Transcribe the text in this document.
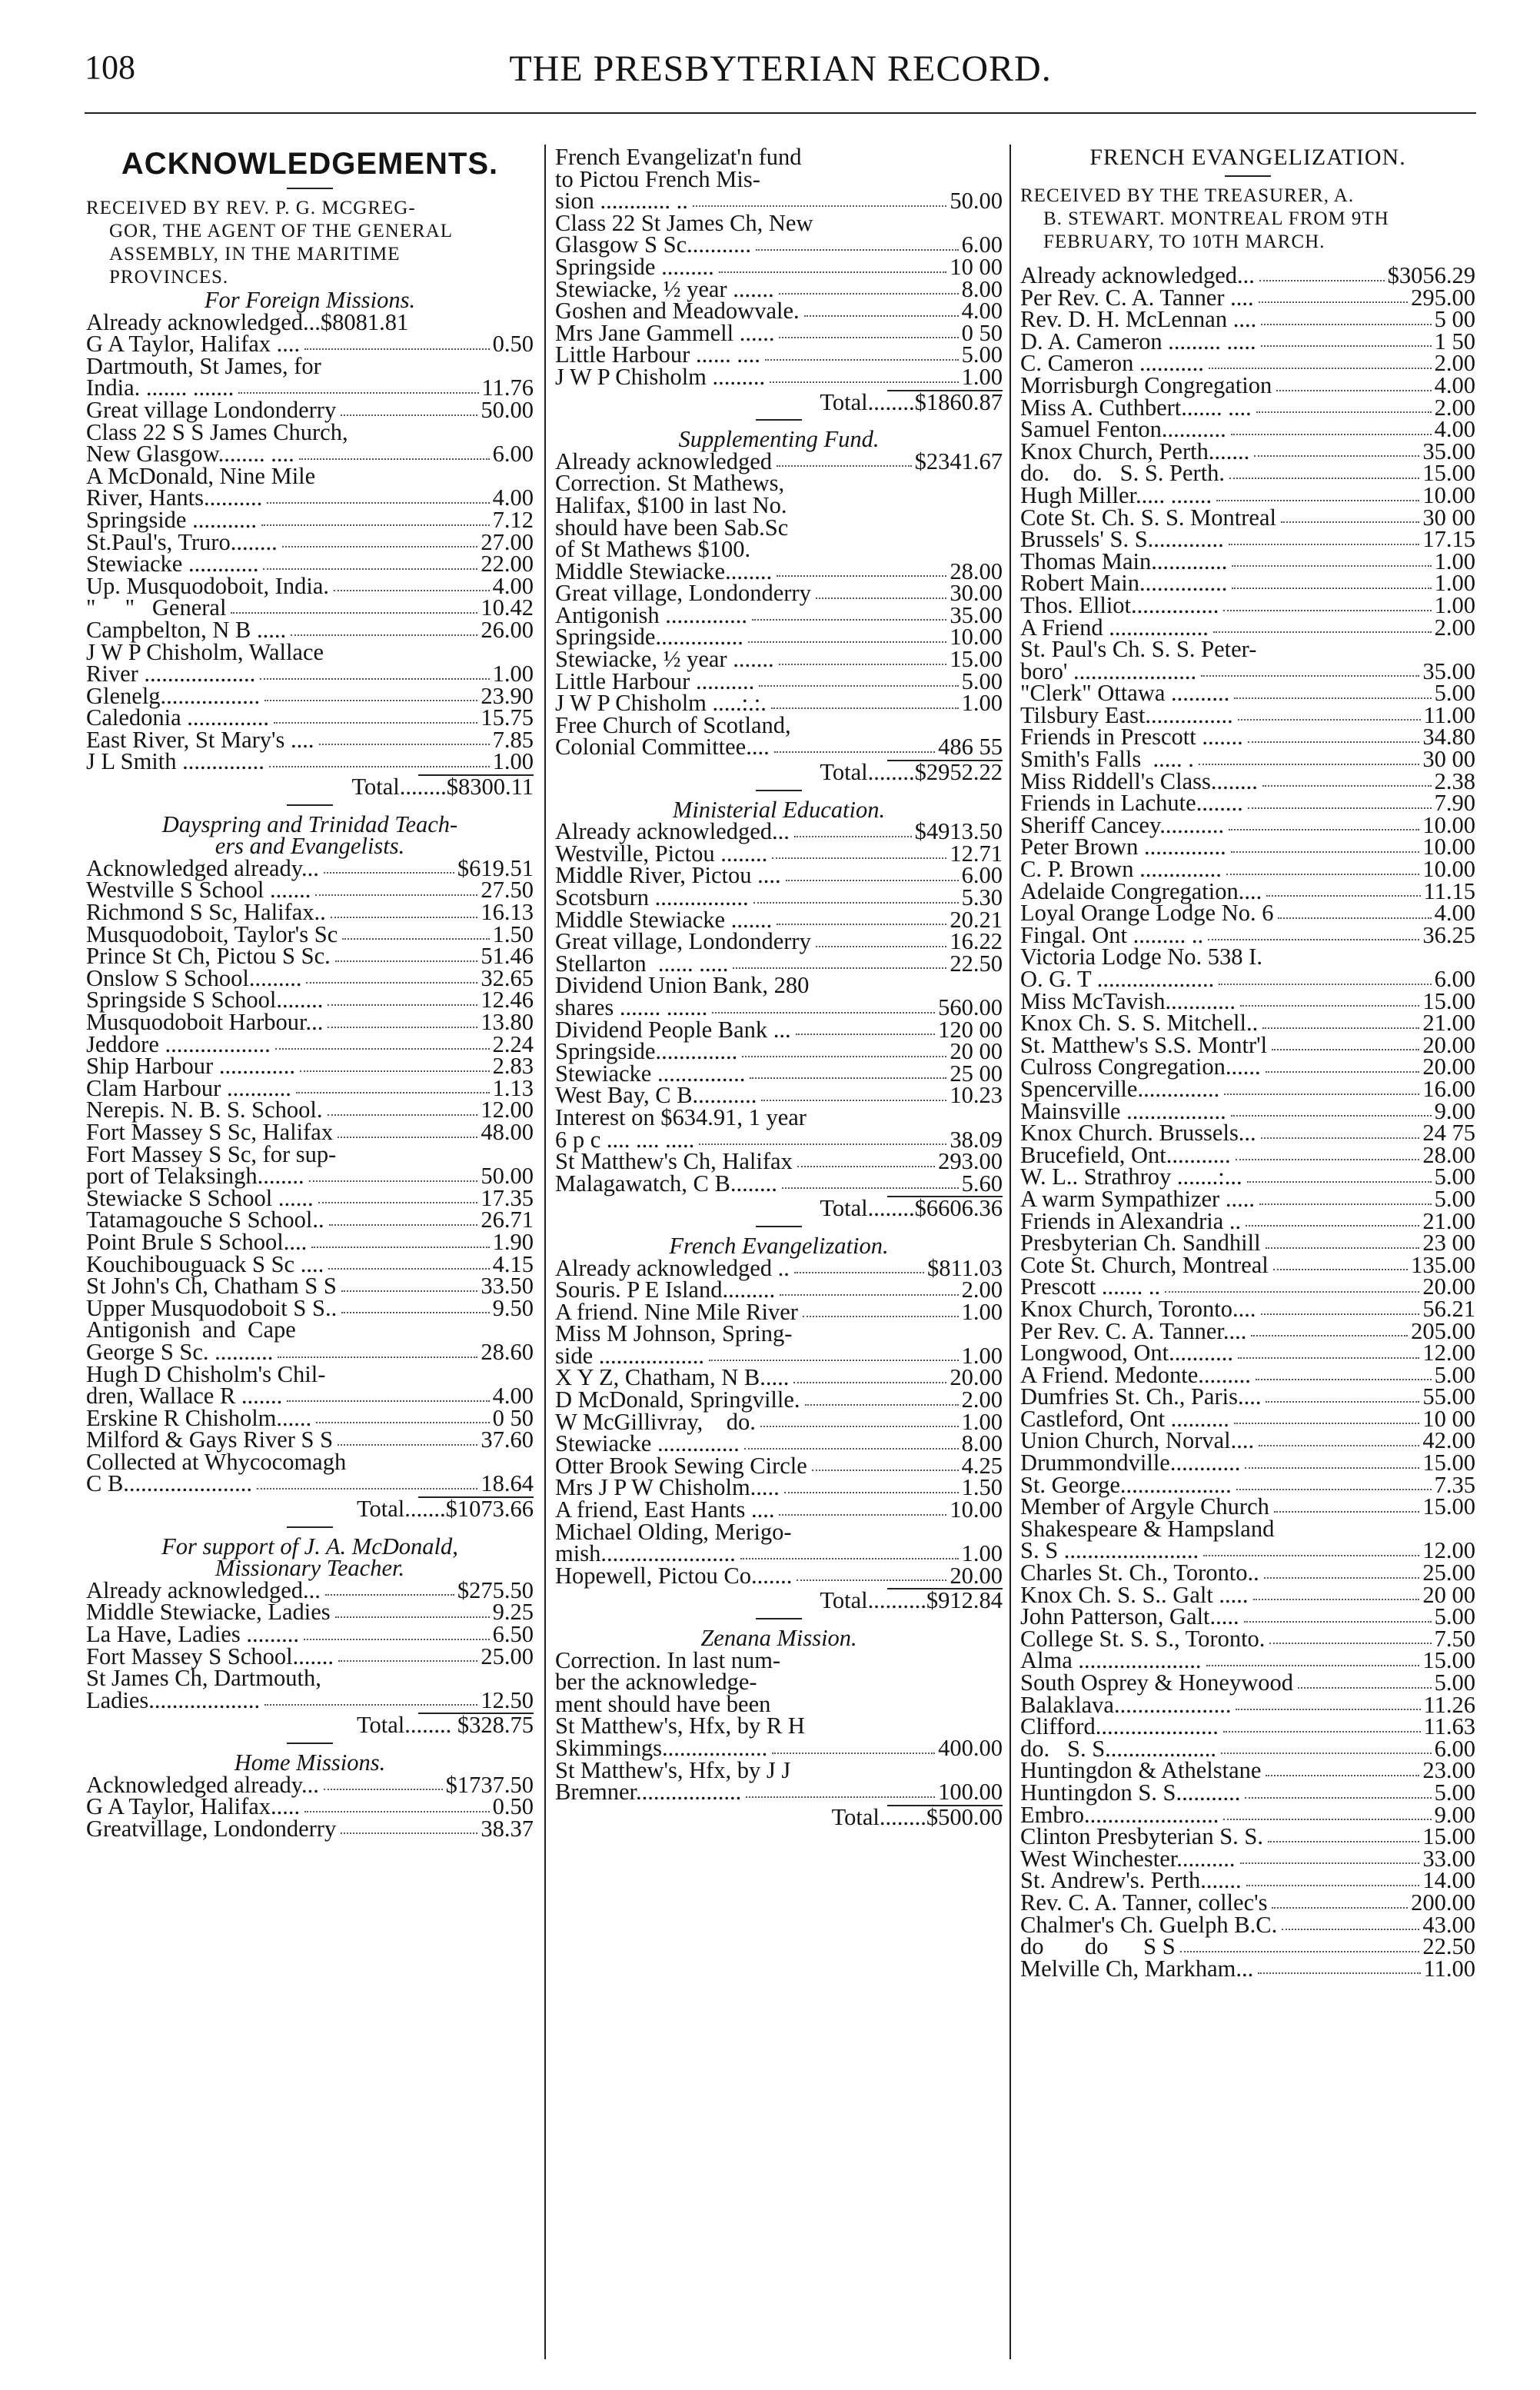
108	THE PRESBYTERIAN RECORD.
ACKNOWLEDGEMENTS.
RECEIVED BY REV. P. G. MCGREG-
GOR, THE AGENT OF THE GENERAL
ASSEMBLY, IN THE MARITIME
PROVINCES.
For Foreign Missions.
Already acknowledged...$8081.81
G A Taylor, Halifax ....	0.50
Dartmouth, St James, for
India. ....... .......	11.76
Great village Londonderry	50.00
Class 22 S S James Church,
New Glasgow........ ....	6.00
A McDonald, Nine Mile
River, Hants..........	4.00
Springside ...........	7.12
St.Paul's, Truro........	27.00
Stewiacke ............	22.00
Up. Musquodoboit, India.	4.00
"     "   General	10.42
Campbelton, N B .....	26.00
J W P Chisholm, Wallace
River ...................	1.00
Glenelg.................	23.90
Caledonia ..............	15.75
East River, St Mary's ....	7.85
J L Smith ..............	1.00
Total........$8300.11
Dayspring and Trinidad Teach-
ers and Evangelists.
Acknowledged already...	$619.51
Westville S School .......	27.50
Richmond S Sc, Halifax..	16.13
Musquodoboit, Taylor's Sc	1.50
Prince St Ch, Pictou S Sc.	51.46
Onslow S School.........	32.65
Springside S School........	12.46
Musquodoboit Harbour...	13.80
Jeddore ..................	2.24
Ship Harbour .............	2.83
Clam Harbour ...........	1.13
Nerepis. N. B. S. School.	12.00
Fort Massey S Sc, Halifax	48.00
Fort Massey S Sc, for sup-
port of Telaksingh........	50.00
Stewiacke S School ......	17.35
Tatamagouche S School..	26.71
Point Brule S School....	1.90
Kouchibouguack S Sc ....	4.15
St John's Ch, Chatham S S	33.50
Upper Musquodoboit S S..	9.50
Antigonish  and  Cape
George S Sc. ..........	28.60
Hugh D Chisholm's Chil-
dren, Wallace R .......	4.00
Erskine R Chisholm......	0 50
Milford & Gays River S S	37.60
Collected at Whycocomagh
C B......................	18.64
Total.......$1073.66
For support of J. A. McDonald,
Missionary Teacher.
Already acknowledged...	$275.50
Middle Stewiacke, Ladies	9.25
La Have, Ladies .........	6.50
Fort Massey S School.......	25.00
St James Ch, Dartmouth,
Ladies...................	12.50
Total........ $328.75
Home Missions.
Acknowledged already...	$1737.50
G A Taylor, Halifax.....	0.50
Greatvillage, Londonderry	38.37
French Evangelizat'n fund
to Pictou French Mis-
sion ............ ..	50.00
Class 22 St James Ch, New
Glasgow S Sc...........	6.00
Springside .........	10 00
Stewiacke, ½ year .......	8.00
Goshen and Meadowvale.	4.00
Mrs Jane Gammell ......	0 50
Little Harbour ...... ....	5.00
J W P Chisholm .........	1.00
Total........$1860.87
Supplementing Fund.
Already acknowledged	$2341.67
Correction. St Mathews,
Halifax, $100 in last No.
should have been Sab.Sc
of St Mathews $100.
Middle Stewiacke........	28.00
Great village, Londonderry	30.00
Antigonish ..............	35.00
Springside...............	10.00
Stewiacke, ½ year .......	15.00
Little Harbour ..........	5.00
J W P Chisholm .....:.:.	1.00
Free Church of Scotland,
Colonial Committee....	486 55
Total........$2952.22
Ministerial Education.
Already acknowledged...	$4913.50
Westville, Pictou ........	12.71
Middle River, Pictou ....	6.00
Scotsburn ................	5.30
Middle Stewiacke .......	20.21
Great village, Londonderry	16.22
Stellarton  ...... .....	22.50
Dividend Union Bank, 280
shares ....... .......	560.00
Dividend People Bank ...	120 00
Springside..............	20 00
Stewiacke ...............	25 00
West Bay, C B...........	10.23
Interest on $634.91, 1 year
6 p c .... .... .....	38.09
St Matthew's Ch, Halifax	293.00
Malagawatch, C B........	5.60
Total........$6606.36
French Evangelization.
Already acknowledged ..	$811.03
Souris. P E Island.........	2.00
A friend. Nine Mile River	1.00
Miss M Johnson, Spring-
side ..................	1.00
X Y Z, Chatham, N B.....	20.00
D McDonald, Springville.	2.00
W McGillivray,    do.	1.00
Stewiacke ..............	8.00
Otter Brook Sewing Circle	4.25
Mrs J P W Chisholm.....	1.50
A friend, East Hants ....	10.00
Michael Olding, Merigo-
mish.......................	1.00
Hopewell, Pictou Co.......	20.00
Total..........$912.84
Zenana Mission.
Correction. In last num-
ber the acknowledge-
ment should have been
St Matthew's, Hfx, by R H
Skimmings..................	400.00
St Matthew's, Hfx, by J J
Bremner..................	100.00
Total........$500.00
FRENCH EVANGELIZATION.
RECEIVED BY THE TREASURER, A.
B. STEWART. MONTREAL FROM 9TH
FEBRUARY, TO 10TH MARCH.
Already acknowledged...	$3056.29
Per Rev. C. A. Tanner ....	295.00
Rev. D. H. McLennan ....	5 00
D. A. Cameron ......... .....	1 50
C. Cameron ...........	2.00
Morrisburgh Congregation	4.00
Miss A. Cuthbert....... ....	2.00
Samuel Fenton...........	4.00
Knox Church, Perth.......	35.00
do.    do.   S. S. Perth.	15.00
Hugh Miller..... .......	10.00
Cote St. Ch. S. S. Montreal	30 00
Brussels' S. S.............	17.15
Thomas Main.............	1.00
Robert Main...............	1.00
Thos. Elliot...............	1.00
A Friend .................	2.00
St. Paul's Ch. S. S. Peter-
boro' .....................	35.00
"Clerk" Ottawa ..........	5.00
Tilsbury East...............	11.00
Friends in Prescott .......	34.80
Smith's Falls  ..... .	30 00
Miss Riddell's Class........	2.38
Friends in Lachute........	7.90
Sheriff Cancey...........	10.00
Peter Brown ..............	10.00
C. P. Brown ..............	10.00
Adelaide Congregation....	11.15
Loyal Orange Lodge No. 6	4.00
Fingal. Ont ......... ..	36.25
Victoria Lodge No. 538 I.
O. G. T ....................	6.00
Miss McTavish............	15.00
Knox Ch. S. S. Mitchell..	21.00
St. Matthew's S.S. Montr'l	20.00
Culross Congregation......	20.00
Spencerville..............	16.00
Mainsville .................	9.00
Knox Church. Brussels...	24 75
Brucefield, Ont...........	28.00
W. L.. Strathroy .......:...	5.00
A warm Sympathizer .....	5.00
Friends in Alexandria ..	21.00
Presbyterian Ch. Sandhill	23 00
Cote St. Church, Montreal	135.00
Prescott ....... ..	20.00
Knox Church, Toronto....	56.21
Per Rev. C. A. Tanner....	205.00
Longwood, Ont...........	12.00
A Friend. Medonte.........	5.00
Dumfries St. Ch., Paris....	55.00
Castleford, Ont ..........	10 00
Union Church, Norval....	42.00
Drummondville............	15.00
St. George...................	7.35
Member of Argyle Church	15.00
Shakespeare & Hampsland
S. S .......................	12.00
Charles St. Ch., Toronto..	25.00
Knox Ch. S. S.. Galt .....	20 00
John Patterson, Galt.....	5.00
College St. S. S., Toronto.	7.50
Alma .....................	15.00
South Osprey & Honeywood	5.00
Balaklava....................	11.26
Clifford.....................	11.63
do.   S. S...................	6.00
Huntingdon & Athelstane	23.00
Huntingdon S. S...........	5.00
Embro.......................	9.00
Clinton Presbyterian S. S.	15.00
West Winchester..........	33.00
St. Andrew's. Perth.......	14.00
Rev. C. A. Tanner, collec's	200.00
Chalmer's Ch. Guelph B.C.	43.00
do       do      S S	22.50
Melville Ch, Markham...	11.00
